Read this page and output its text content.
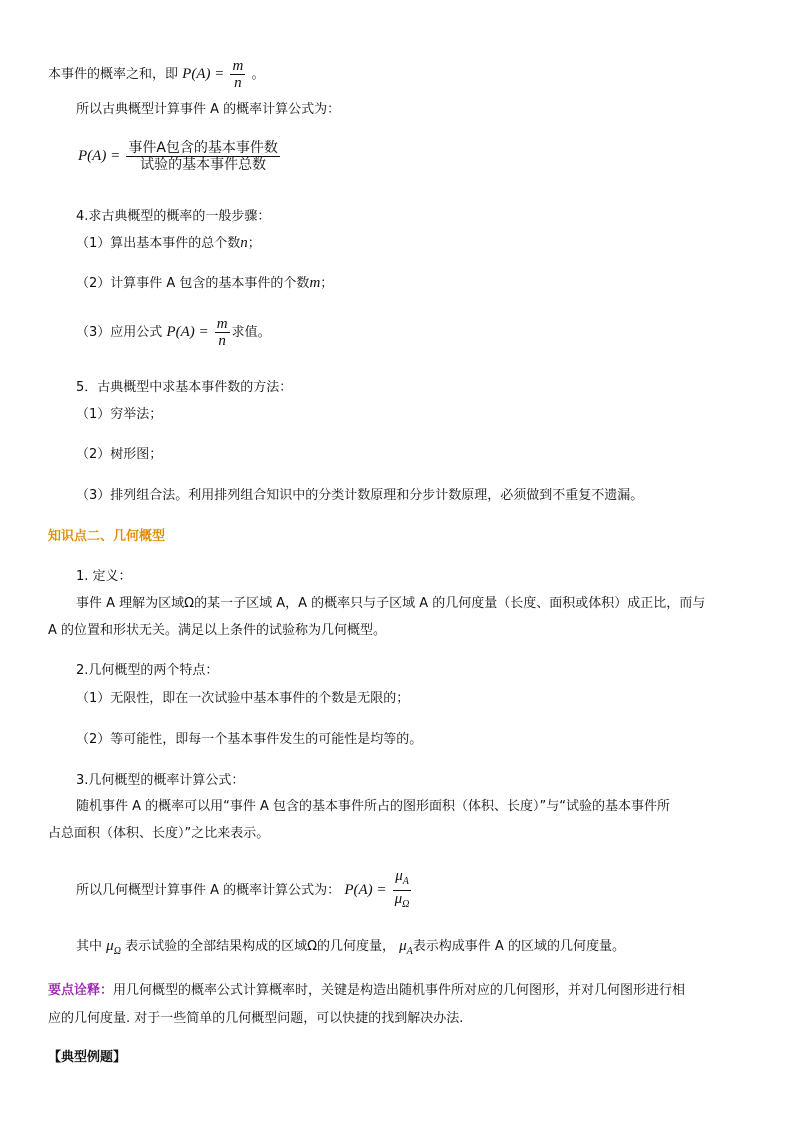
本事件的概率之和，即 $P(A) = \frac{m}{n}$ 。
所以古典概型计算事件 A 的概率计算公式为：
$P(A) = \frac{\text{事件A包含的基本事件数}}{\text{试验的基本事件总数}}$
4.求古典概型的概率的一般步骤：
（1）算出基本事件的总个数n；
（2）计算事件 A 包含的基本事件的个数m；
（3）应用公式 $P(A) = \frac{m}{n}$ 求值。
5．古典概型中求基本事件数的方法：
（1）穷举法；
（2）树形图；
（3）排列组合法。利用排列组合知识中的分类计数原理和分步计数原理，必须做到不重复不遗漏。
知识点二、几何概型
1. 定义：
事件 A 理解为区域Ω的某一子区域 A，A 的概率只与子区域 A 的几何度量（长度、面积或体积）成正比，而与
A 的位置和形状无关。满足以上条件的试验称为几何概型。
2.几何概型的两个特点：
（1）无限性，即在一次试验中基本事件的个数是无限的；
（2）等可能性，即每一个基本事件发生的可能性是均等的。
3.几何概型的概率计算公式：
随机事件 A 的概率可以用“事件 A 包含的基本事件所占的图形面积（体积、长度）”与“试验的基本事件所
占总面积（体积、长度）”之比来表示。
所以几何概型计算事件 A 的概率计算公式为： $P(A) = \frac{\mu_A}{\mu_\Omega}$
其中 $\mu_\Omega$ 表示试验的全部结果构成的区域Ω的几何度量， $\mu_A$表示构成事件 A 的区域的几何度量。
要点诠释：用几何概型的概率公式计算概率时，关键是构造出随机事件所对应的几何图形，并对几何图形进行相
应的几何度量. 对于一些简单的几何概型问题，可以快捷的找到解决办法.
【典型例题】
